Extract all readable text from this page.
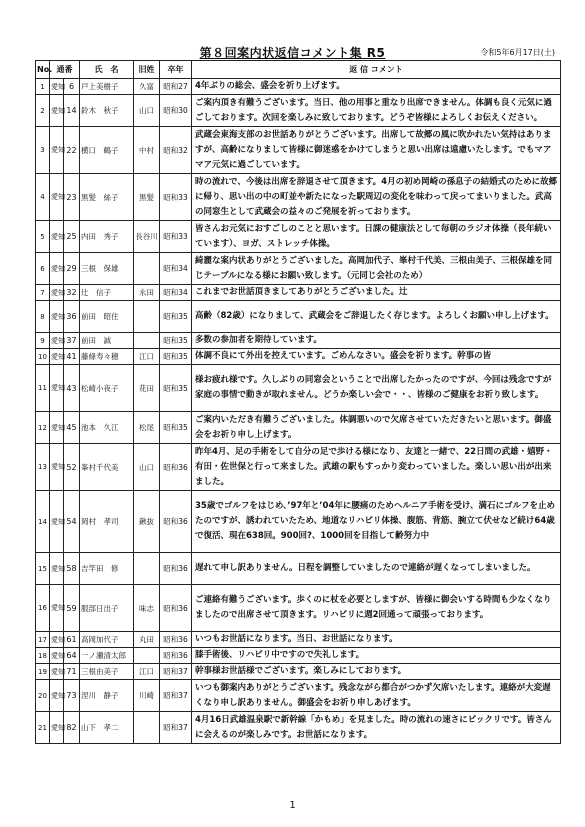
第８回案内状返信コメント集 R5	令和5年6月17日(土)
No.	通番		氏　名	旧姓	卒年	返 信 コメント
1	愛知	6	戸上美樹子	久富	昭和27	4年ぶりの総会、盛会を祈り上げます。
2	愛知	14	鈴木　秋子	山口	昭和30	ご案内頂き有難うございます。当日、他の用事と重なり出席できません。体調も良く元気に過ごしております。次回を楽しみに致しております。どうぞ皆様によろしくお伝えください。
3	愛知	22	横口　鶴子	中村	昭和32	武蔵会東海支部のお世話ありがとうございます。出席して故郷の風に吹かれたい気持はありますが、高齢になりまして皆様に御迷惑をかけてしまうと思い出席は遠慮いたします。でもマアマア元気に過ごしています。
4	愛知	23	黒髪　絲子	黒髪	昭和33	時の流れで、今後は出席を辞退させて頂きます。4月の初め岡崎の孫息子の結婚式のために故郷に帰り、思い出の中の町並や新たになった駅周辺の変化を味わって戻ってまいりました。武高の同窓生として武蔵会の益々のご発展を祈っております。
5	愛知	25	内田　秀子	長谷川	昭和33	皆さんお元気におすごしのことと思います。日課の健康法として毎朝のラジオ体操（長年続いています）、ヨガ、ストレッチ体操。
6	愛知	29	三根　保雄		昭和34	綺麗な案内状ありがとうございました。高岡加代子、峯村千代美、三根由美子、三根保雄を同じテーブルになる様にお願い致します。（元同じ会社のため）
7	愛知	32	辻　信子	永田	昭和34	これまでお世話頂きましてありがとうございました。辻
8	愛知	36	前田　昭住		昭和35	高齢（82歳）になりまして、武蔵会をご辞退したく存じます。よろしくお願い申し上げます。
9	愛知	37	前田　誠		昭和35	多数の参加者を期待しています。
10	愛知	41	藤條寿々穂	江口	昭和35	体調不良にて外出を控えています。ごめんなさい。盛会を祈ります。幹事の皆
11	愛知	43	松崎小夜子	花田	昭和35	様お疲れ様です。久しぶりの同窓会ということで出席したかったのですが、今回は残念ですが家庭の事情で動きが取れません。どうか楽しい会で・・、皆様のご健康をお祈り致します。
12	愛知	45	池本　久江	松尾	昭和35	ご案内いただき有難うございました。体調悪いので欠席させていただきたいと思います。御盛会をお祈り申し上げます。
13	愛知	52	峯村千代美	山口	昭和36	昨年4月、足の手術をして自分の足で歩ける様になり、友達と一緒で、22日間の武雄・嬉野・有田・佐世保と行って来ました。武雄の駅もすっかり変わっていました。楽しい思い出が出来ました。
14	愛知	54	岡村　孝司	鍬抜	昭和36	35歳でゴルフをはじめ、’97年と’04年に腰痛のためヘルニア手術を受け、満石にゴルフを止めたのですが、誘われていたため、地道なリハビリ体操、腹筋、背筋、腕立て伏せなど続け64歳で復活、現在638回。900回?、1000回を目指して齢努力中
15	愛知	58	吉竿田　修		昭和36	遅れて申し訳ありません。日程を調整していましたので連絡が遅くなってしまいました。
16	愛知	59	服部日出子	味志	昭和36	ご連絡有難うございます。歩くのに杖を必要としますが、皆様に御会いする時間も少なくなりましたので出席させて頂きます。リハビリに週2回通って頑張っております。
17	愛知	61	高岡加代子	丸田	昭和36	いつもお世話になります。当日、お世話になります。
18	愛知	64	一ノ瀬清太郎		昭和36	膝手術後、リハビリ中ですので失礼します。
19	愛知	71	三根由美子	江口	昭和37	幹事様お世話様でございます。楽しみにしております。
20	愛知	73	涅川　静子	川崎	昭和37	いつも御案内ありがとうございます。残念ながら都合がつかず欠席いたします。連絡が大変遅くなり申し訳ありません。御盛会をお祈り申しあげます。
21	愛知	82	山下　孝二		昭和37	4月16日武雄温泉駅で新幹線「かもめ」を見ました。時の流れの速さにビックリです。皆さんに会えるのが楽しみです。お世話になります。
1
